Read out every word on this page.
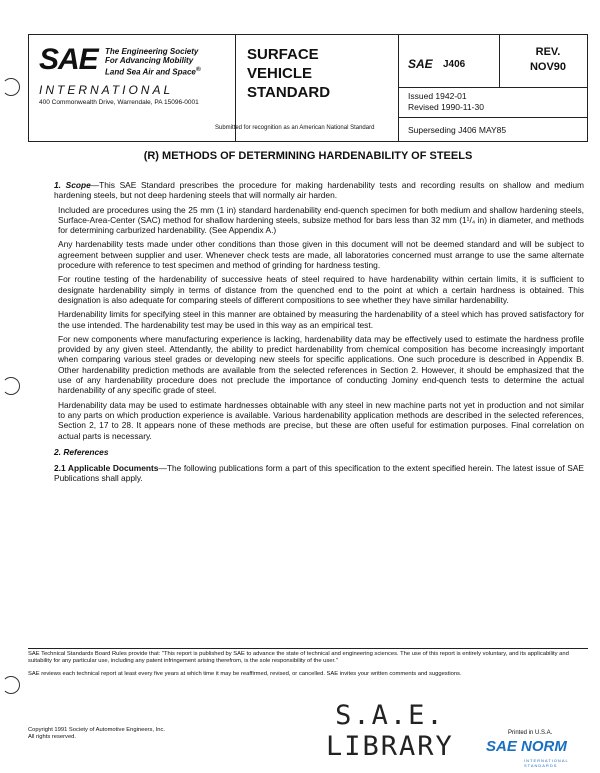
SAE The Engineering Society
For Advancing Mobility
Land Sea Air and Space®
INTERNATIONAL
400 Commonwealth Drive, Warrendale, PA 15096-0001
SURFACE
VEHICLE
STANDARD
Submitted for recognition as an American National Standard
SAE J406
REV.
NOV90
Issued 1942-01
Revised 1990-11-30
Superseding J406 MAY85
(R) METHODS OF DETERMINING HARDENABILITY OF STEELS

1. Scope—This SAE Standard prescribes the procedure for making hardenability tests and recording results on shallow and medium hardening steels, but not deep hardening steels that will normally air harden.

Included are procedures using the 25 mm (1 in) standard hardenability end-quench specimen for both medium and shallow hardening steels, Surface-Area-Center (SAC) method for shallow hardening steels, subsize method for bars less than 32 mm (1¹/₄ in) in diameter, and methods for determining carburized hardenability. (See Appendix A.)

Any hardenability tests made under other conditions than those given in this document will not be deemed standard and will be subject to agreement between supplier and user. Whenever check tests are made, all laboratories concerned must arrange to use the same alternate procedure with reference to test specimen and method of grinding for hardness testing.

For routine testing of the hardenability of successive heats of steel required to have hardenability within certain limits, it is sufficient to designate hardenability simply in terms of distance from the quenched end to the point at which a certain hardness is obtained. This designation is also adequate for comparing steels of different compositions to see whether they have similar hardenability.

Hardenability limits for specifying steel in this manner are obtained by measuring the hardenability of a steel which has proved satisfactory for the use intended. The hardenability test may be used in this way as an empirical test.

For new components where manufacturing experience is lacking, hardenability data may be effectively used to estimate the hardness profile provided by any given steel. Attendantly, the ability to predict hardenability from chemical composition has become increasingly important when comparing various steel grades or developing new steels for specific applications. One such procedure is described in Appendix B. Other hardenability prediction methods are available from the selected references in Section 2. However, it should be emphasized that the use of any hardenability procedure does not preclude the importance of conducting Jominy end-quench tests to determine the actual hardenability of any specific grade of steel.

Hardenability data may be used to estimate hardnesses obtainable with any steel in new machine parts not yet in production and not similar to any parts on which production experience is available. Various hardenability application methods are described in the selected references, Section 2, 17 to 28. It appears none of these methods are precise, but these are often useful for estimation purposes. Final correlation on actual parts is necessary.

2. References

2.1 Applicable Documents—The following publications form a part of this specification to the extent specified herein. The latest issue of SAE Publications shall apply.

SAE Technical Standards Board Rules provide that: "This report is published by SAE to advance the state of technical and engineering sciences. The use of this report is entirely voluntary, and its applicability and suitability for any particular use, including any patent infringement arising therefrom, is the sole responsibility of the user."

SAE reviews each technical report at least every five years at which time it may be reaffirmed, revised, or cancelled. SAE invites your written comments and suggestions.

Copyright 1991 Society of Automotive Engineers, Inc.
All rights reserved.
S.A.E.
LIBRARY	Printed in U.S.A.
SAE NORM
INTERNATIONAL STANDARDS
